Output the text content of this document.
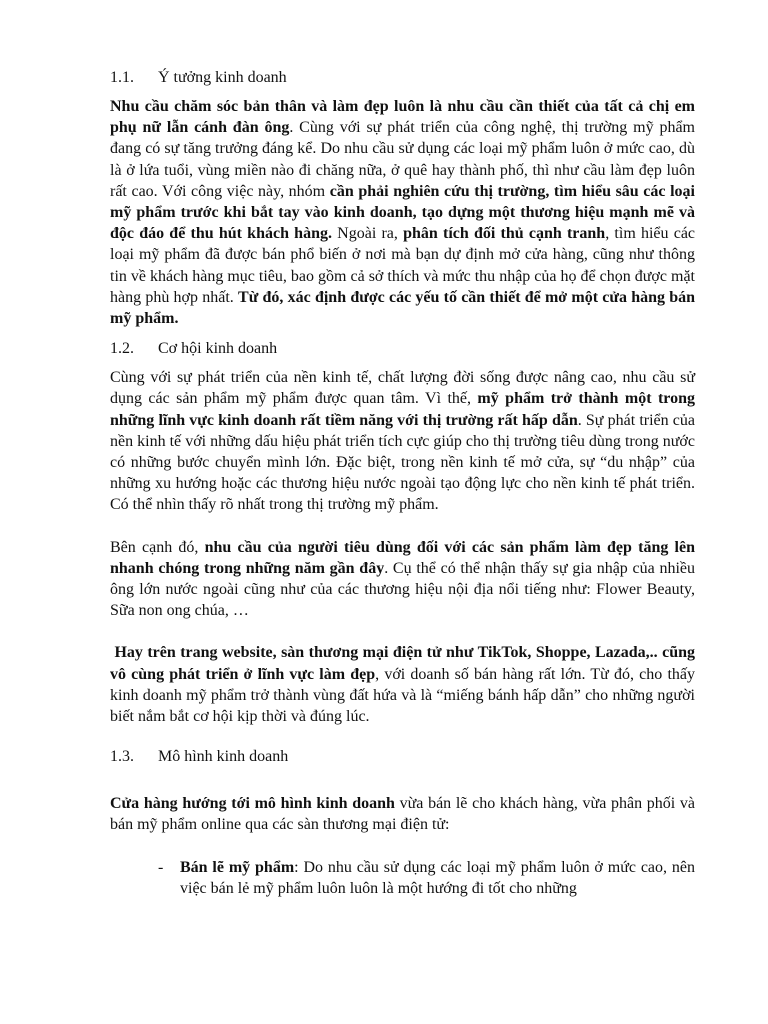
1.1.	Ý tưởng kinh doanh

Nhu cầu chăm sóc bản thân và làm đẹp luôn là nhu cầu cần thiết của tất cả chị em phụ nữ lẫn cánh đàn ông. Cùng với sự phát triển của công nghệ, thị trường mỹ phẩm đang có sự tăng trưởng đáng kể. Do nhu cầu sử dụng các loại mỹ phẩm luôn ở mức cao, dù là ở lứa tuổi, vùng miền nào đi chăng nữa, ở quê hay thành phố, thì như cầu làm đẹp luôn rất cao. Với công việc này, nhóm cần phải nghiên cứu thị trường, tìm hiểu sâu các loại mỹ phẩm trước khi bắt tay vào kinh doanh, tạo dựng một thương hiệu mạnh mẽ và độc đáo để thu hút khách hàng. Ngoài ra, phân tích đối thủ cạnh tranh, tìm hiểu các loại mỹ phẩm đã được bán phổ biến ở nơi mà bạn dự định mở cửa hàng, cũng như thông tin về khách hàng mục tiêu, bao gồm cả sở thích và mức thu nhập của họ để chọn được mặt hàng phù hợp nhất. Từ đó, xác định được các yếu tố cần thiết để mở một cửa hàng bán mỹ phẩm.

1.2.	Cơ hội kinh doanh

Cùng với sự phát triển của nền kinh tế, chất lượng đời sống được nâng cao, nhu cầu sử dụng các sản phẩm mỹ phẩm được quan tâm. Vì thế, mỹ phẩm trở thành một trong những lĩnh vực kinh doanh rất tiềm năng với thị trường rất hấp dẫn. Sự phát triển của nền kinh tế với những dấu hiệu phát triển tích cực giúp cho thị trường tiêu dùng trong nước có những bước chuyển mình lớn. Đặc biệt, trong nền kinh tế mở cửa, sự “du nhập” của những xu hướng hoặc các thương hiệu nước ngoài tạo động lực cho nền kinh tế phát triển. Có thể nhìn thấy rõ nhất trong thị trường mỹ phẩm.

Bên cạnh đó, nhu cầu của người tiêu dùng đối với các sản phẩm làm đẹp tăng lên nhanh chóng trong những năm gần đây. Cụ thể có thể nhận thấy sự gia nhập của nhiều ông lớn nước ngoài cũng như của các thương hiệu nội địa nổi tiếng như: Flower Beauty, Sữa non ong chúa, …

Hay trên trang website, sàn thương mại điện tử như TikTok, Shoppe, Lazada,.. cũng vô cùng phát triển ở lĩnh vực làm đẹp, với doanh số bán hàng rất lớn. Từ đó, cho thấy kinh doanh mỹ phẩm trở thành vùng đất hứa và là “miếng bánh hấp dẫn” cho những người biết nắm bắt cơ hội kịp thời và đúng lúc.

1.3.	Mô hình kinh doanh

Cửa hàng hướng tới mô hình kinh doanh vừa bán lẽ cho khách hàng, vừa phân phối và bán mỹ phẩm online qua các sàn thương mại điện tử:

-	Bán lẽ mỹ phẩm: Do nhu cầu sử dụng các loại mỹ phẩm luôn ở mức cao, nên việc bán lẻ mỹ phẩm luôn luôn là một hướng đi tốt cho những
